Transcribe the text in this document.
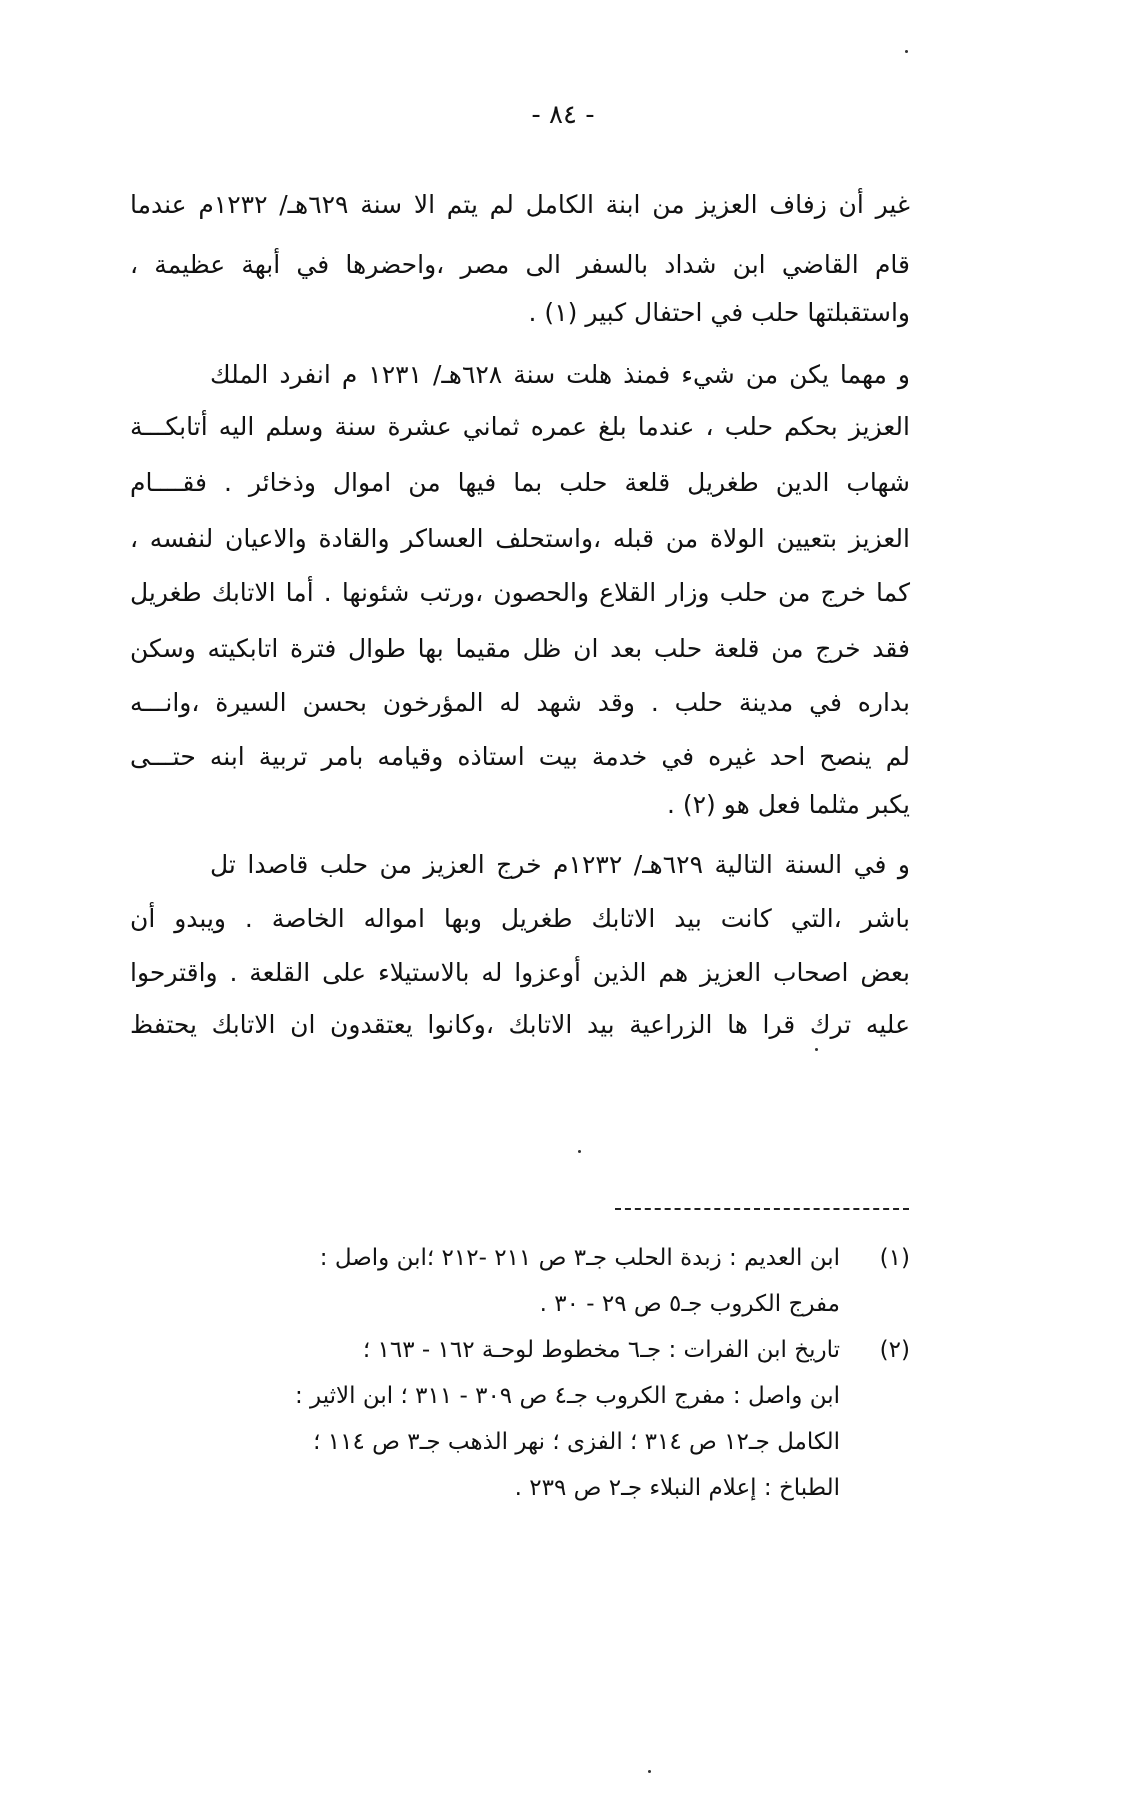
- ٨٤ -
غير أن زفاف العزيز من ابنة الكامل لم يتم الا سنة ٦٢٩هـ/ ١٢٣٢م عندما
قام القاضي ابن شداد بالسفر الى مصر ،واحضرها في أبهة عظيمة ،
واستقبلتها حلب في احتفال كبير (١) .
و مهما يكن من شيء فمنذ هلت سنة ٦٢٨هـ/ ١٢٣١ م انفرد الملك
العزيز بحكم حلب ، عندما بلغ عمره ثماني عشرة سنة وسلم اليه أتابكـــة
شهاب الدين طغريل قلعة حلب بما فيها من اموال وذخائر . فقــــام
العزيز بتعيين الولاة من قبله ،واستحلف العساكر والقادة والاعيان لنفسه ،
كما خرج من حلب وزار القلاع والحصون ،ورتب شئونها . أما الاتابك طغريل
فقد خرج من قلعة حلب بعد ان ظل مقيما بها طوال فترة اتابكيته وسكن
بداره في مدينة حلب . وقد شهد له المؤرخون بحسن السيرة ،وانـــه
لم ينصح احد غيره في خدمة بيت استاذه وقيامه بامر تربية ابنه حتـــى
يكبر مثلما فعل هو (٢) .
و في السنة التالية ٦٢٩هـ/ ١٢٣٢م خرج العزيز من حلب قاصدا تل
باشر ،التي كانت بيد الاتابك طغريل وبها امواله الخاصة . ويبدو أن
بعض اصحاب العزيز هم الذين أوعزوا له بالاستيلاء على القلعة . واقترحوا
عليه ترك قرا ها الزراعية بيد الاتابك ،وكانوا يعتقدون ان الاتابك يحتفظ
(١)
ابن العديم : زبدة الحلب جـ٣ ص ٢١١ -٢١٢ ؛ابن واصل :
مفرج الكروب جـ٥ ص ٢٩ - ٣٠ .
(٢)
تاريخ ابن الفرات : جـ٦ مخطوط لوحـة ١٦٢ - ١٦٣ ؛
ابن واصل : مفرج الكروب جـ٤ ص ٣٠٩ - ٣١١ ؛ ابن الاثير :
الكامل جـ١٢ ص ٣١٤ ؛ الفزى ؛ نهر الذهب جـ٣ ص ١١٤ ؛
الطباخ : إعلام النبلاء جـ٢ ص ٢٣٩ .
